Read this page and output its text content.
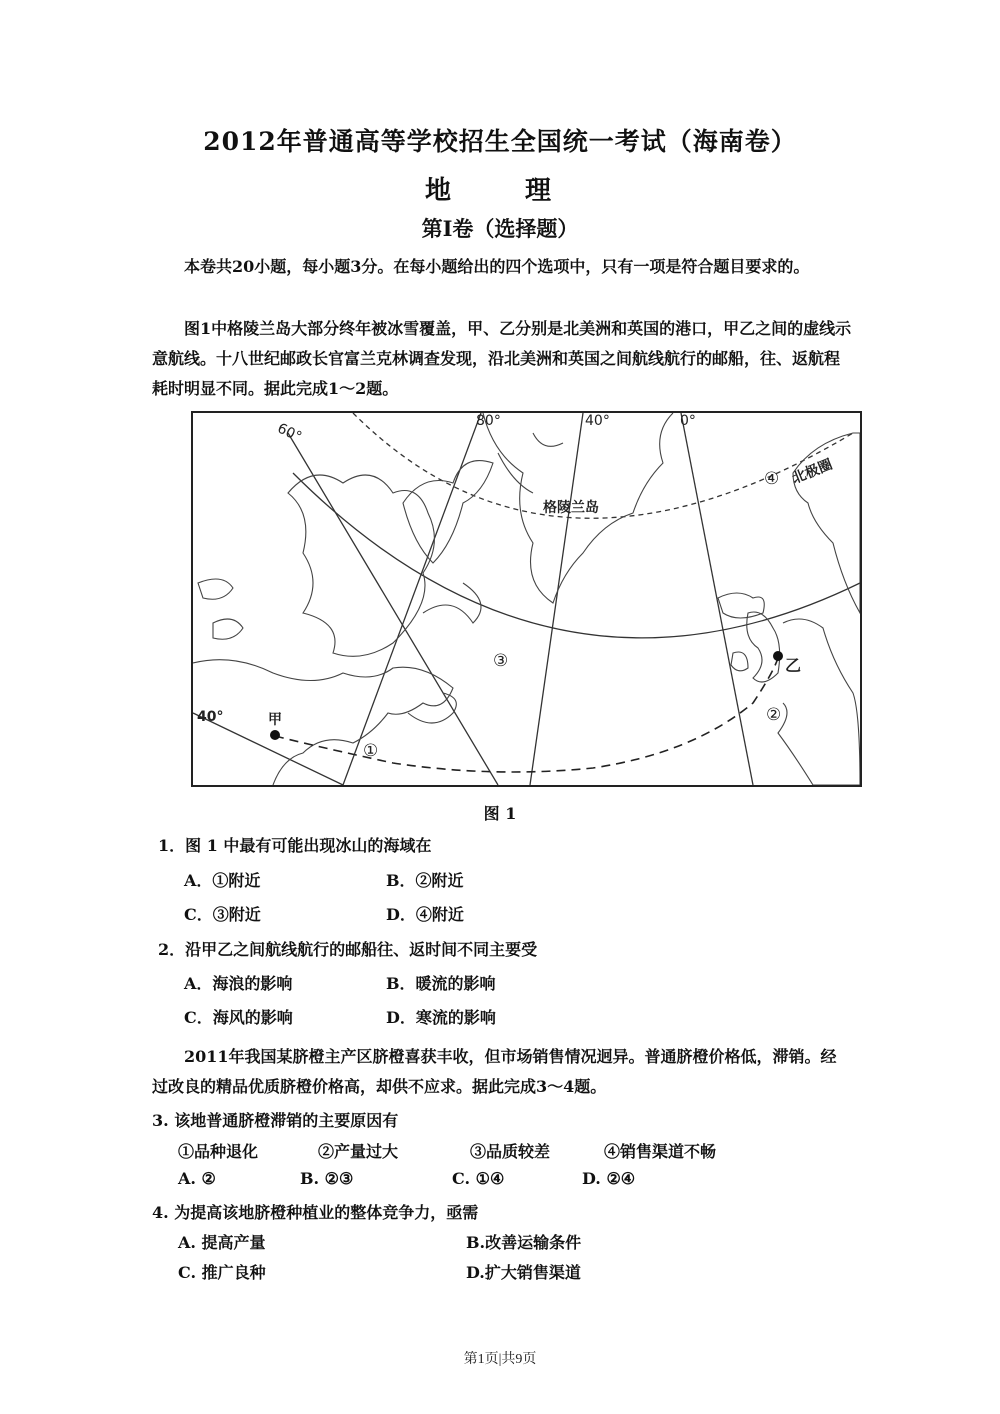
2012年普通高等学校招生全国统一考试（海南卷）
地　理
第Ⅰ卷（选择题）
本卷共20小题，每小题3分。在每小题给出的四个选项中，只有一项是符合题目要求的。
图1中格陵兰岛大部分终年被冰雪覆盖，甲、乙分别是北美洲和英国的港口，甲乙之间的虚线示意航线。十八世纪邮政长官富兰克林调查发现，沿北美洲和英国之间航线航行的邮船，往、返航程耗时明显不同。据此完成1～2题。
80°	40°	0°
60°
40°
格陵兰岛
北极圈
甲
乙
①
②
③
④
图 1
1．图 1 中最有可能出现冰山的海域在
A．①附近	B．②附近
C．③附近	D．④附近
2．沿甲乙之间航线航行的邮船往、返时间不同主要受
A．海浪的影响	B．暖流的影响
C．海风的影响	D．寒流的影响
2011年我国某脐橙主产区脐橙喜获丰收，但市场销售情况迥异。普通脐橙价格低，滞销。经过改良的精品优质脐橙价格高，却供不应求。据此完成3～4题。
3. 该地普通脐橙滞销的主要原因有
①品种退化	②产量过大	③品质较差	④销售渠道不畅
A. ②	B. ②③	C. ①④	D. ②④
4. 为提高该地脐橙种植业的整体竞争力，亟需
A. 提高产量	B.改善运输条件
C. 推广良种	D.扩大销售渠道
第1页|共9页
